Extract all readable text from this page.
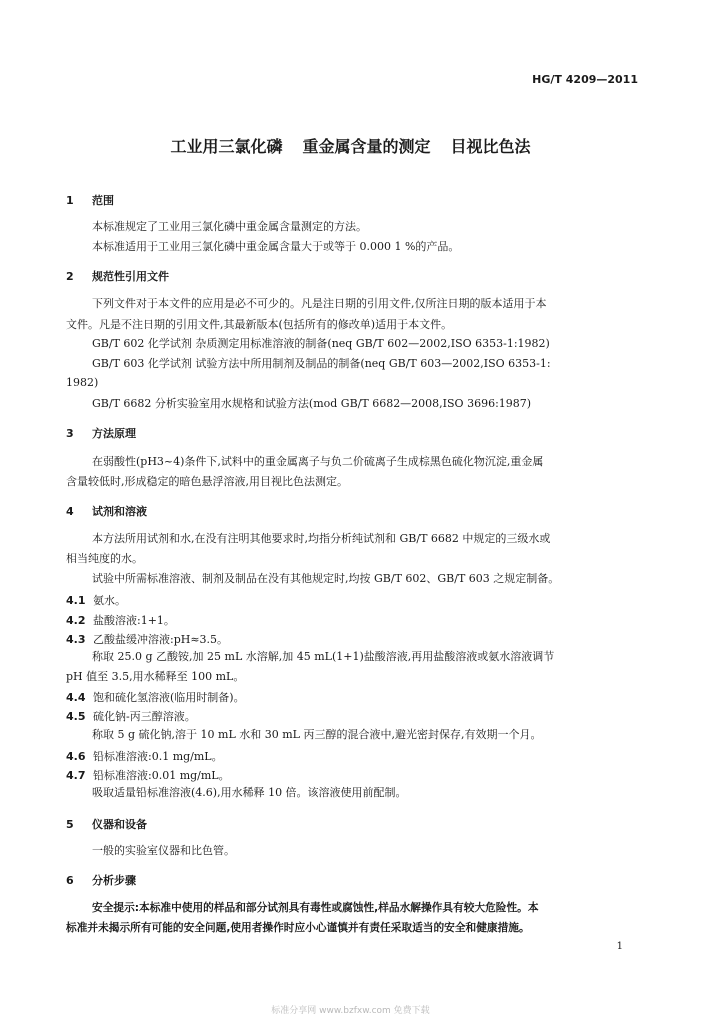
HG/T 4209—2011
工业用三氯化磷 重金属含量的测定 目视比色法
1 范围
本标准规定了工业用三氯化磷中重金属含量测定的方法。
本标准适用于工业用三氯化磷中重金属含量大于或等于 0.000 1 %的产品。
2 规范性引用文件
下列文件对于本文件的应用是必不可少的。凡是注日期的引用文件,仅所注日期的版本适用于本
文件。凡是不注日期的引用文件,其最新版本(包括所有的修改单)适用于本文件。
GB/T 602 化学试剂 杂质测定用标准溶液的制备(neq GB/T 602—2002,ISO 6353-1:1982)
GB/T 603 化学试剂 试验方法中所用制剂及制品的制备(neq GB/T 603—2002,ISO 6353-1:
1982)
GB/T 6682 分析实验室用水规格和试验方法(mod GB/T 6682—2008,ISO 3696:1987)
3 方法原理
在弱酸性(pH3~4)条件下,试料中的重金属离子与负二价硫离子生成棕黑色硫化物沉淀,重金属
含量较低时,形成稳定的暗色悬浮溶液,用目视比色法测定。
4 试剂和溶液
本方法所用试剂和水,在没有注明其他要求时,均指分析纯试剂和 GB/T 6682 中规定的三级水或
相当纯度的水。
试验中所需标准溶液、制剂及制品在没有其他规定时,均按 GB/T 602、GB/T 603 之规定制备。
4.1 氨水。
4.2 盐酸溶液:1+1。
4.3 乙酸盐缓冲溶液:pH≈3.5。
称取 25.0 g 乙酸铵,加 25 mL 水溶解,加 45 mL(1+1)盐酸溶液,再用盐酸溶液或氨水溶液调节
pH 值至 3.5,用水稀释至 100 mL。
4.4 饱和硫化氢溶液(临用时制备)。
4.5 硫化钠-丙三醇溶液。
称取 5 g 硫化钠,溶于 10 mL 水和 30 mL 丙三醇的混合液中,避光密封保存,有效期一个月。
4.6 铅标准溶液:0.1 mg/mL。
4.7 铅标准溶液:0.01 mg/mL。
吸取适量铅标准溶液(4.6),用水稀释 10 倍。该溶液使用前配制。
5 仪器和设备
一般的实验室仪器和比色管。
6 分析步骤
安全提示:本标准中使用的样品和部分试剂具有毒性或腐蚀性,样品水解操作具有较大危险性。本
标准并未揭示所有可能的安全问题,使用者操作时应小心谨慎并有责任采取适当的安全和健康措施。
1
标准分享网 www.bzfxw.com 免费下载
